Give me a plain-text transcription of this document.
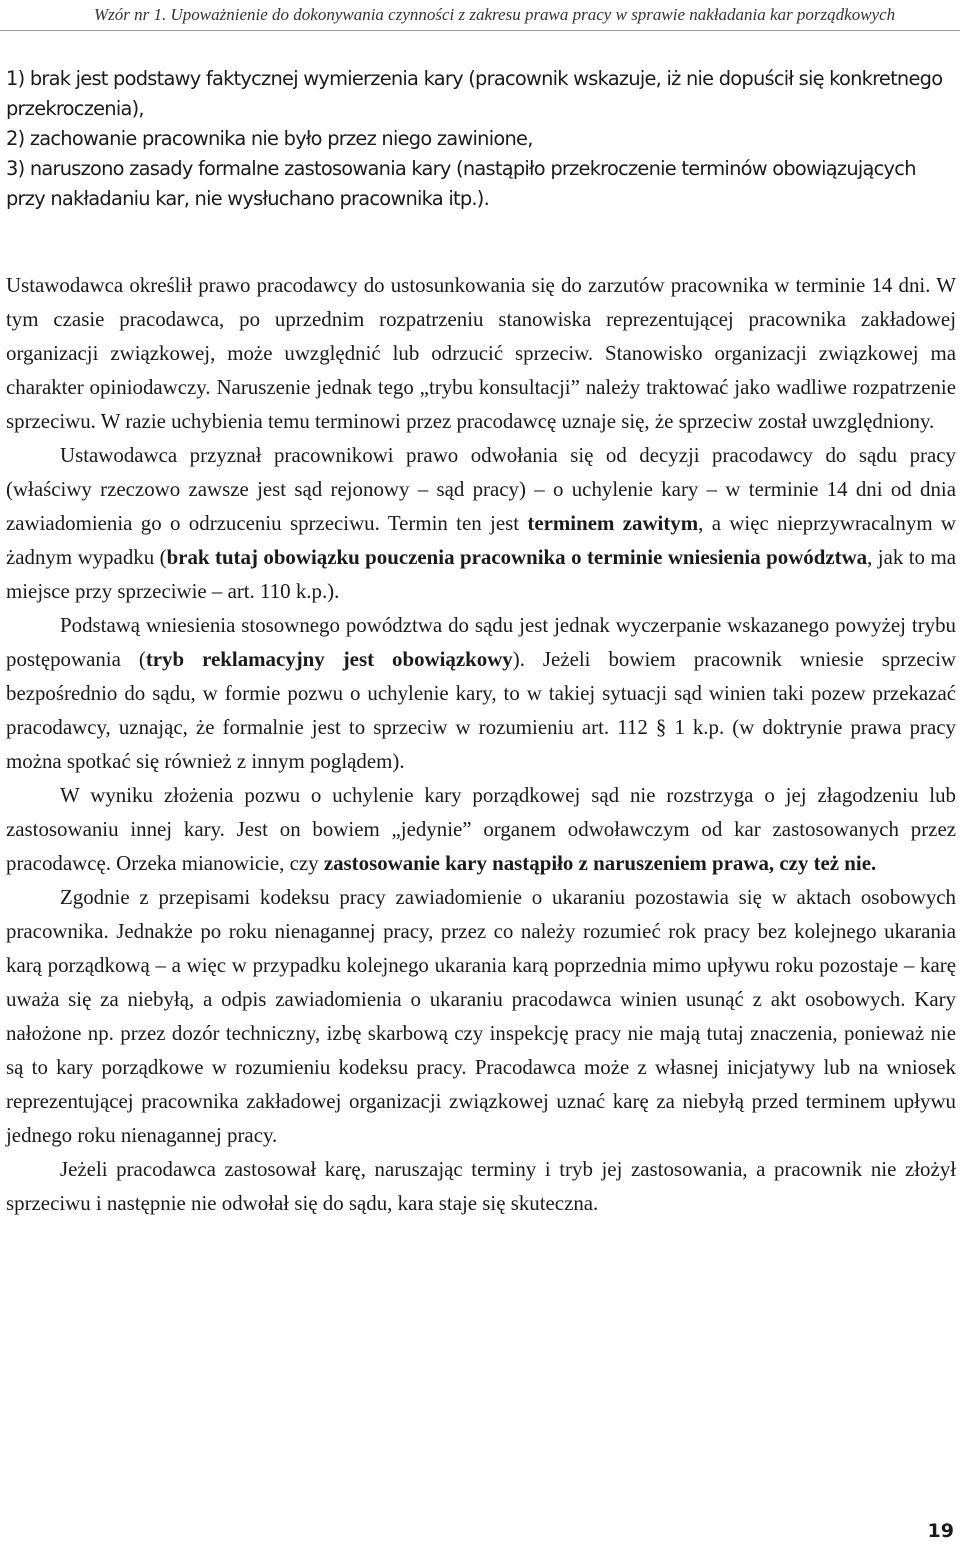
Wzór nr 1. Upoważnienie do dokonywania czynności z zakresu prawa pracy w sprawie nakładania kar porządkowych

1) brak jest podstawy faktycznej wymierzenia kary (pracownik wskazuje, iż nie dopuścił się konkretnego przekroczenia),

2) zachowanie pracownika nie było przez niego zawinione,

3) naruszono zasady formalne zastosowania kary (nastąpiło przekroczenie terminów obowiązujących przy nakładaniu kar, nie wysłuchano pracownika itp.).

Ustawodawca określił prawo pracodawcy do ustosunkowania się do zarzutów pracownika w terminie 14 dni. W tym czasie pracodawca, po uprzednim rozpatrzeniu stanowiska reprezentującej pracownika zakładowej organizacji związkowej, może uwzględnić lub odrzucić sprzeciw. Stanowisko organizacji związkowej ma charakter opiniodawczy. Naruszenie jednak tego „trybu konsultacji” należy traktować jako wadliwe rozpatrzenie sprzeciwu. W razie uchybienia temu terminowi przez pracodawcę uznaje się, że sprzeciw został uwzględniony.

Ustawodawca przyznał pracownikowi prawo odwołania się od decyzji pracodawcy do sądu pracy (właściwy rzeczowo zawsze jest sąd rejonowy – sąd pracy) – o uchylenie kary – w terminie 14 dni od dnia zawiadomienia go o odrzuceniu sprzeciwu. Termin ten jest terminem zawitym, a więc nieprzywracalnym w żadnym wypadku (brak tutaj obowiązku pouczenia pracownika o terminie wniesienia powództwa, jak to ma miejsce przy sprzeciwie – art. 110 k.p.).

Podstawą wniesienia stosownego powództwa do sądu jest jednak wyczerpanie wskazanego powyżej trybu postępowania (tryb reklamacyjny jest obowiązkowy). Jeżeli bowiem pracownik wniesie sprzeciw bezpośrednio do sądu, w formie pozwu o uchylenie kary, to w takiej sytuacji sąd winien taki pozew przekazać pracodawcy, uznając, że formalnie jest to sprzeciw w rozumieniu art. 112 § 1 k.p. (w doktrynie prawa pracy można spotkać się również z innym poglądem).

W wyniku złożenia pozwu o uchylenie kary porządkowej sąd nie rozstrzyga o jej złagodzeniu lub zastosowaniu innej kary. Jest on bowiem „jedynie” organem odwoławczym od kar zastosowanych przez pracodawcę. Orzeka mianowicie, czy zastosowanie kary nastąpiło z naruszeniem prawa, czy też nie.

Zgodnie z przepisami kodeksu pracy zawiadomienie o ukaraniu pozostawia się w aktach osobowych pracownika. Jednakże po roku nienagannej pracy, przez co należy rozumieć rok pracy bez kolejnego ukarania karą porządkową – a więc w przypadku kolejnego ukarania karą poprzednia mimo upływu roku pozostaje – karę uważa się za niebyłą, a odpis zawiadomienia o ukaraniu pracodawca winien usunąć z akt osobowych. Kary nałożone np. przez dozór techniczny, izbę skarbową czy inspekcję pracy nie mają tutaj znaczenia, ponieważ nie są to kary porządkowe w rozumieniu kodeksu pracy. Pracodawca może z własnej inicjatywy lub na wniosek reprezentującej pracownika zakładowej organizacji związkowej uznać karę za niebyłą przed terminem upływu jednego roku nienagannej pracy.

Jeżeli pracodawca zastosował karę, naruszając terminy i tryb jej zastosowania, a pracownik nie złożył sprzeciwu i następnie nie odwołał się do sądu, kara staje się skuteczna.

19
